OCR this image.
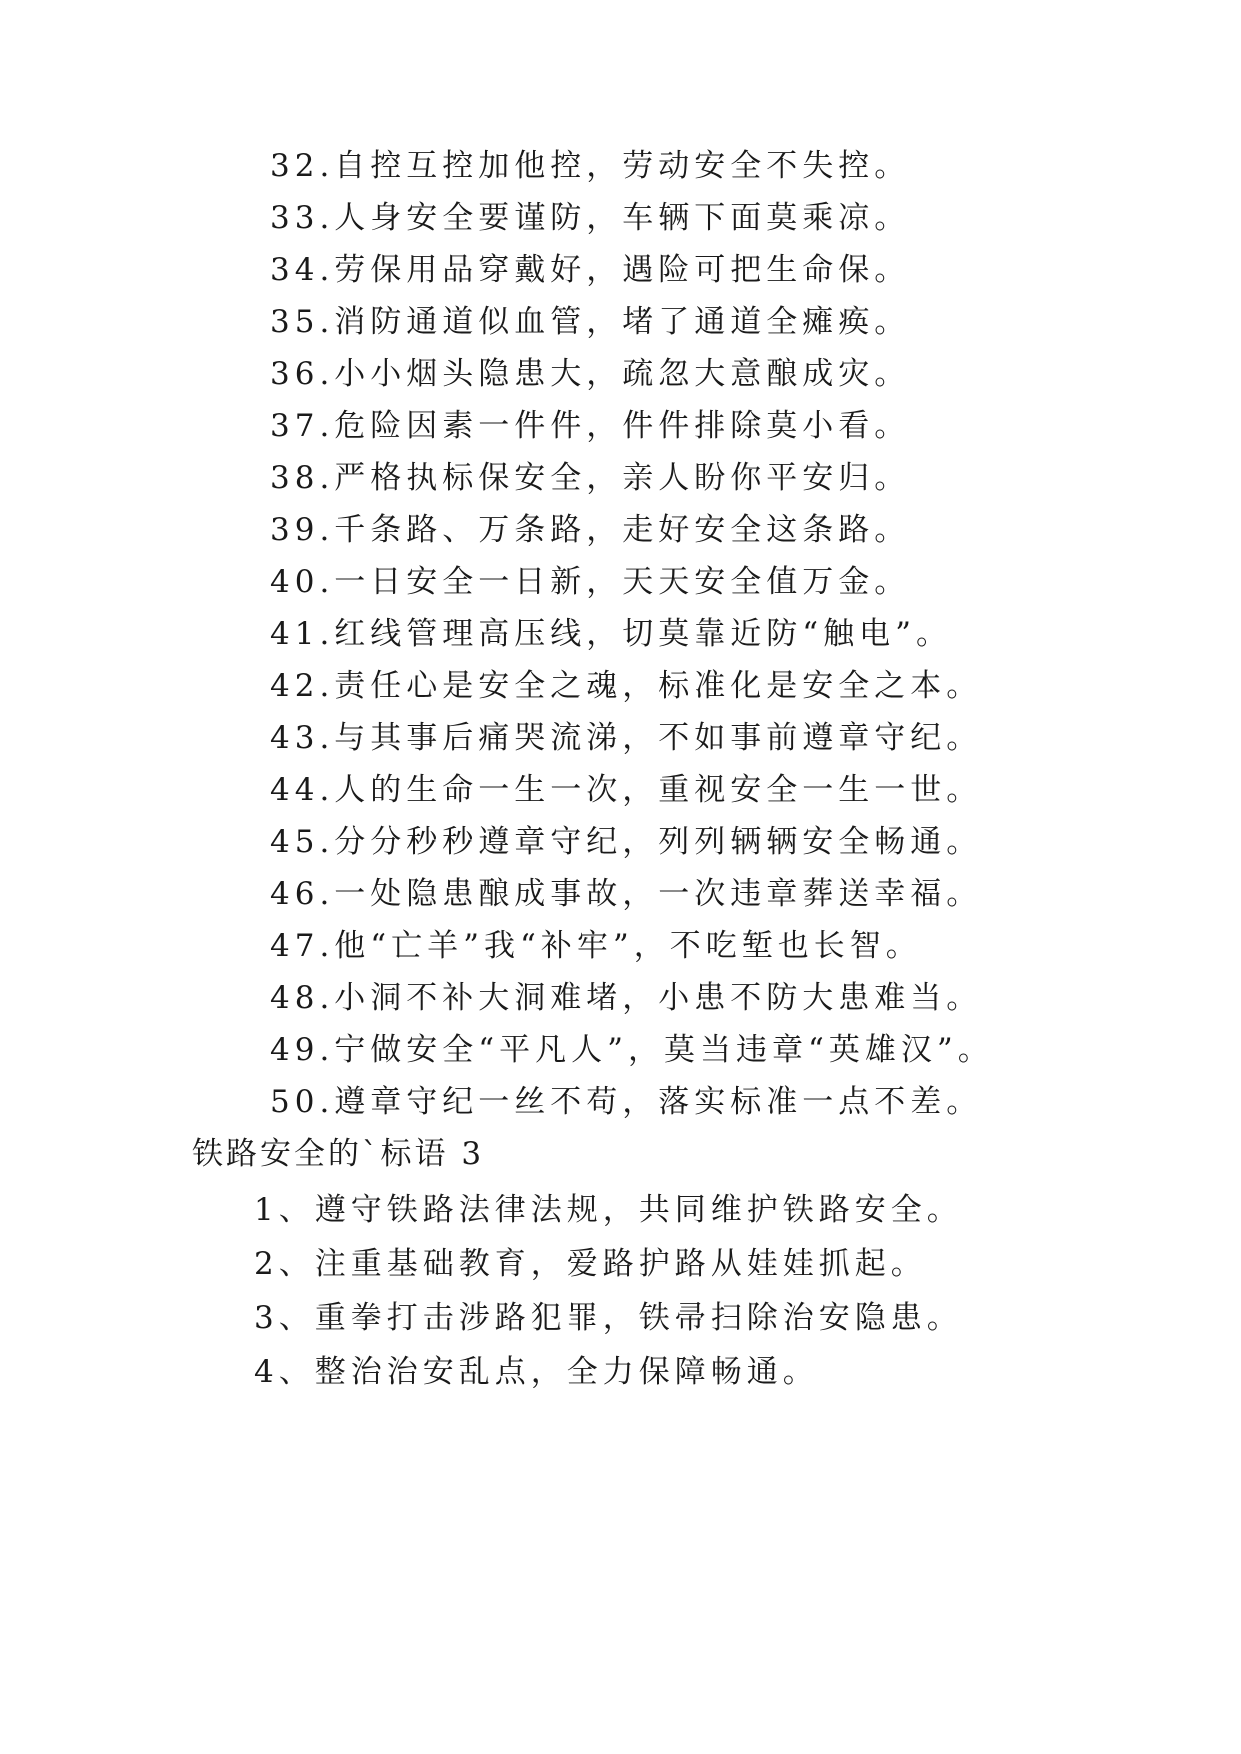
32.自控互控加他控，劳动安全不失控。
33.人身安全要谨防，车辆下面莫乘凉。
34.劳保用品穿戴好，遇险可把生命保。
35.消防通道似血管，堵了通道全瘫痪。
36.小小烟头隐患大，疏忽大意酿成灾。
37.危险因素一件件，件件排除莫小看。
38.严格执标保安全，亲人盼你平安归。
39.千条路、万条路，走好安全这条路。
40.一日安全一日新，天天安全值万金。
41.红线管理高压线，切莫靠近防“触电”。
42.责任心是安全之魂，标准化是安全之本。
43.与其事后痛哭流涕，不如事前遵章守纪。
44.人的生命一生一次，重视安全一生一世。
45.分分秒秒遵章守纪，列列辆辆安全畅通。
46.一处隐患酿成事故，一次违章葬送幸福。
47.他“亡羊”我“补牢”，不吃堑也长智。
48.小洞不补大洞难堵，小患不防大患难当。
49.宁做安全“平凡人”，莫当违章“英雄汉”。
50.遵章守纪一丝不苟，落实标准一点不差。
铁路安全的`标语 3
1、遵守铁路法律法规，共同维护铁路安全。
2、注重基础教育，爱路护路从娃娃抓起。
3、重拳打击涉路犯罪，铁帚扫除治安隐患。
4、整治治安乱点，全力保障畅通。
